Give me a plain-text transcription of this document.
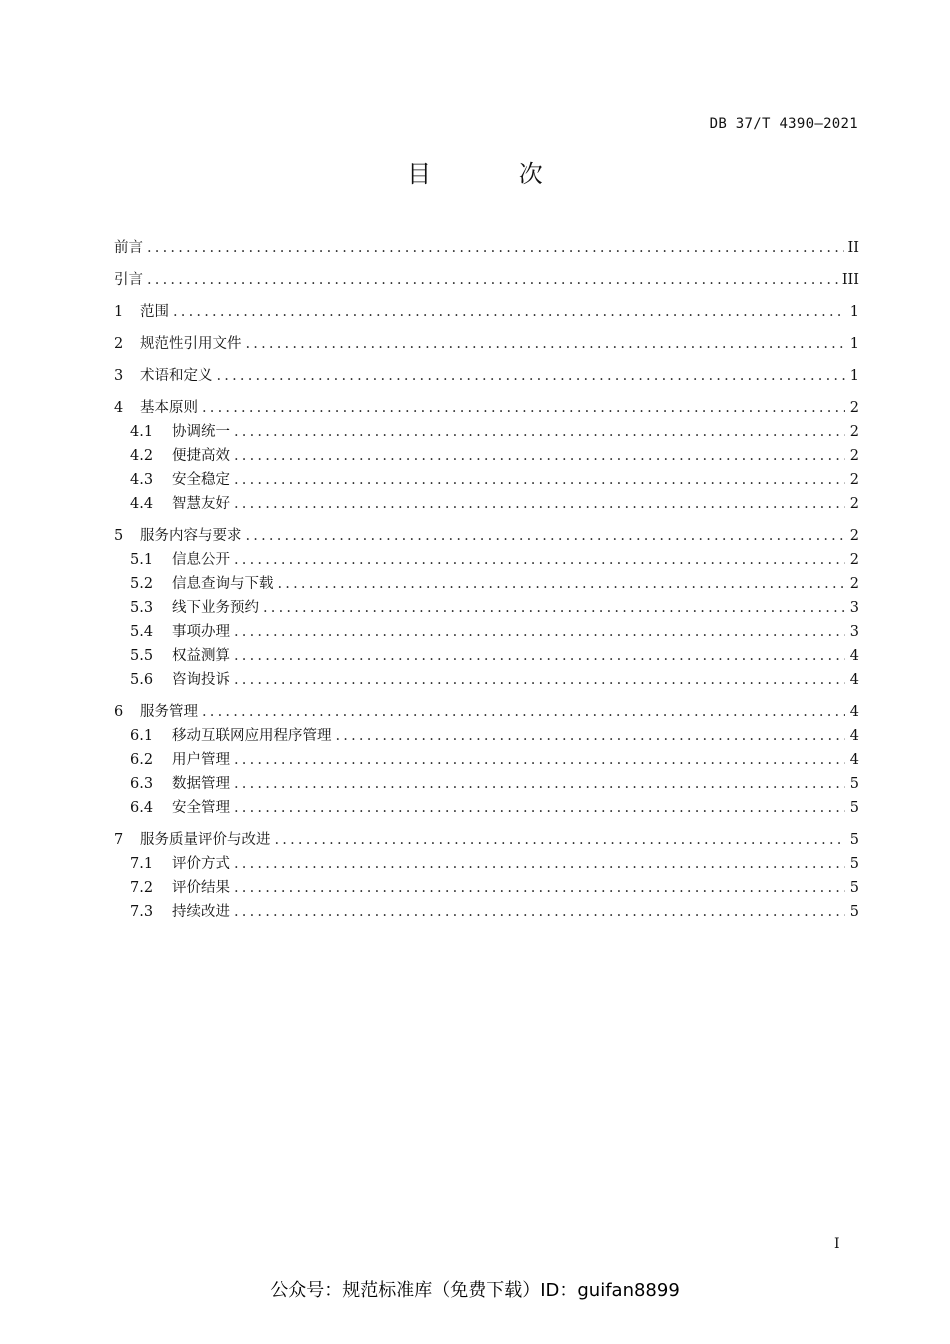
DB 37/T 4390—2021
目 次
前言 .....	II
引言 .....	III
1	范围 .....	1
2	规范性引用文件 .....	1
3	术语和定义 .....	1
4	基本原则 .....	2
4.1	协调统一 .....	2
4.2	便捷高效 .....	2
4.3	安全稳定 .....	2
4.4	智慧友好 .....	2
5	服务内容与要求 .....	2
5.1	信息公开 .....	2
5.2	信息查询与下载 .....	2
5.3	线下业务预约 .....	3
5.4	事项办理 .....	3
5.5	权益测算 .....	4
5.6	咨询投诉 .....	4
6	服务管理 .....	4
6.1	移动互联网应用程序管理 .....	4
6.2	用户管理 .....	4
6.3	数据管理 .....	5
6.4	安全管理 .....	5
7	服务质量评价与改进 .....	5
7.1	评价方式 .....	5
7.2	评价结果 .....	5
7.3	持续改进 .....	5
I
公众号：规范标准库（免费下载）ID：guifan8899
